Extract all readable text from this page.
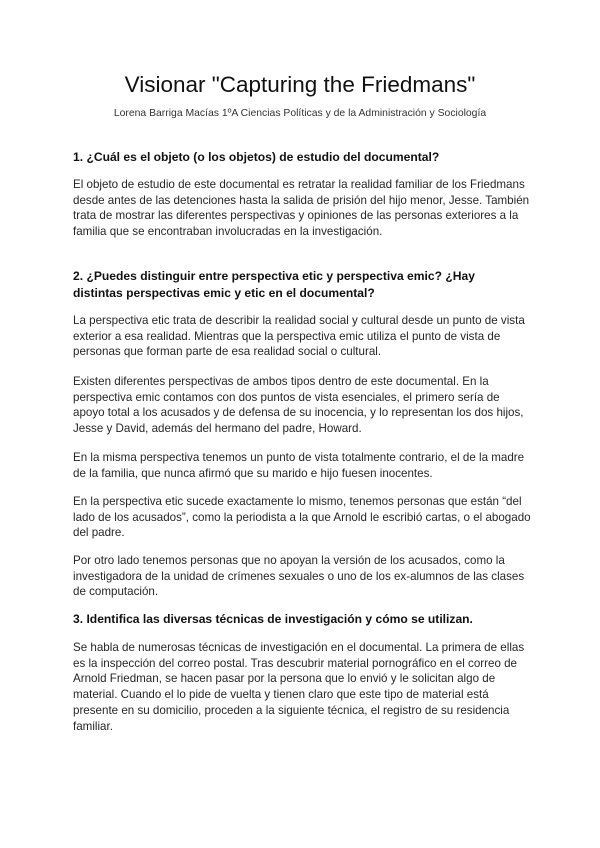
Visionar "Capturing the Friedmans"
Lorena Barriga Macías 1ºA Ciencias Políticas y de la Administración y Sociología
1. ¿Cuál es el objeto (o los objetos) de estudio del documental?
El objeto de estudio de este documental es retratar la realidad familiar de los Friedmans desde antes de las detenciones hasta la salida de prisión del hijo menor, Jesse. También trata de mostrar las diferentes perspectivas y opiniones de las personas exteriores a la familia que se encontraban involucradas en la investigación.
2. ¿Puedes distinguir entre perspectiva etic y perspectiva emic? ¿Hay distintas perspectivas emic y etic en el documental?
La perspectiva etic trata de describir la realidad social y cultural desde un punto de vista exterior a esa realidad. Mientras que la perspectiva emic utiliza el punto de vista de personas que forman parte de esa realidad social o cultural.
Existen diferentes perspectivas de ambos tipos dentro de este documental. En la perspectiva emic contamos con dos puntos de vista esenciales, el primero sería de apoyo total a los acusados y de defensa de su inocencia, y lo representan los dos hijos, Jesse y David, además del hermano del padre, Howard.
En la misma perspectiva tenemos un punto de vista totalmente contrario, el de la madre de la familia, que nunca afirmó que su marido e hijo fuesen inocentes.
En la perspectiva etic sucede exactamente lo mismo, tenemos personas que están “del lado de los acusados”, como la periodista a la que Arnold le escribió cartas, o el abogado del padre.
Por otro lado tenemos personas que no apoyan la versión de los acusados, como la investigadora de la unidad de crímenes sexuales o uno de los ex-alumnos de las clases de computación.
3. Identifica las diversas técnicas de investigación y cómo se utilizan.
Se habla de numerosas técnicas de investigación en el documental. La primera de ellas es la inspección del correo postal. Tras descubrir material pornográfico en el correo de Arnold Friedman, se hacen pasar por la persona que lo envió y le solicitan algo de material. Cuando el lo pide de vuelta y tienen claro que este tipo de material está presente en su domicilio, proceden a la siguiente técnica, el registro de su residencia familiar.
